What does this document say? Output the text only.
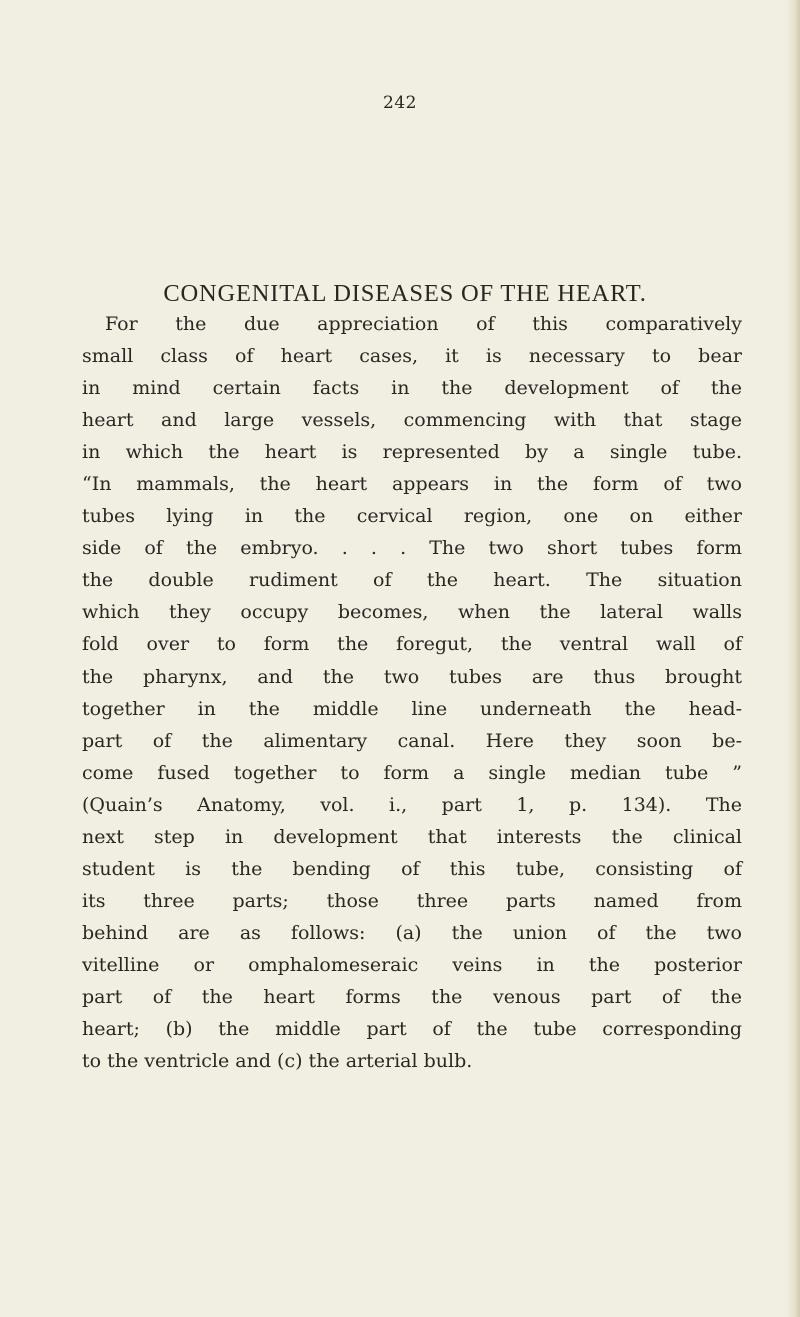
242
CONGENITAL DISEASES OF THE HEART.
For the due appreciation of this comparatively
small class of heart cases, it is necessary to bear
in mind certain facts in the development of the
heart and large vessels, commencing with that stage
in which the heart is represented by a single tube.
“In mammals, the heart appears in the form of two
tubes lying in the cervical region, one on either
side of the embryo. . . . The two short tubes form
the double rudiment of the heart. The situation
which they occupy becomes, when the lateral walls
fold over to form the foregut, the ventral wall of
the pharynx, and the two tubes are thus brought
together in the middle line underneath the head-
part of the alimentary canal. Here they soon be-
come fused together to form a single median tube ”
(Quain’s Anatomy, vol. i., part 1, p. 134). The
next step in development that interests the clinical
student is the bending of this tube, consisting of
its three parts; those three parts named from
behind are as follows: (a) the union of the two
vitelline or omphalomeseraic veins in the posterior
part of the heart forms the venous part of the
heart; (b) the middle part of the tube corresponding
to the ventricle and (c) the arterial bulb.
